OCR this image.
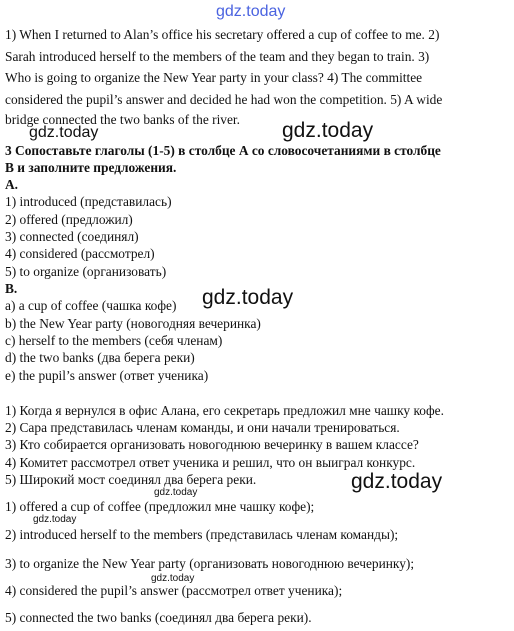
gdz.today
1) When I returned to Alan’s office his secretary offered a cup of coffee to me. 2)
Sarah introduced herself to the members of the team and they began to train. 3)
Who is going to organize the New Year party in your class? 4) The committee
considered the pupil’s answer and decided he had won the competition. 5) A wide
bridge connected the two banks of the river.
gdz.today	gdz.today
3 Сопоставьте глаголы (1-5) в столбце А со словосочетаниями в столбце
В и заполните предложения.
A.
1) introduced (представилась)
2) offered (предложил)
3) connected (соединял)
4) considered (рассмотрел)
5) to organize (организовать)
B.
a) a cup of coffee (чашка кофе) gdz.today
b) the New Year party (новогодняя вечеринка)
c) herself to the members (себя членам)
d) the two banks (два берега реки)
e) the pupil’s answer (ответ ученика)
1) Когда я вернулся в офис Алана, его секретарь предложил мне чашку кофе.
2) Сара представилась членам команды, и они начали тренироваться.
3) Кто собирается организовать новогоднюю вечеринку в вашем классе?
4) Комитет рассмотрел ответ ученика и решил, что он выиграл конкурс.
5) Широкий мост соединял два берега реки.	gdz.today
gdz.today
1) offered a cup of coffee (предложил мне чашку кофе);
gdz.today
2) introduced herself to the members (представилась членам команды);
3) to organize the New Year party (организовать новогоднюю вечеринку);
gdz.today
4) considered the pupil’s answer (рассмотрел ответ ученика);
5) connected the two banks (соединял два берега реки).
